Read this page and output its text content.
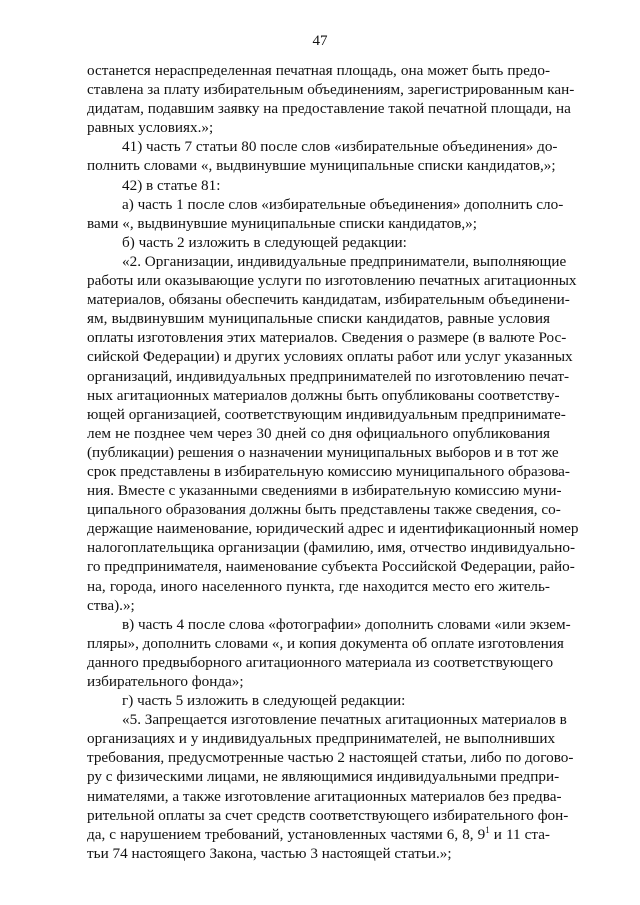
47
останется нераспределенная печатная площадь, она может быть предо-
ставлена за плату избирательным объединениям, зарегистрированным кан-
дидатам, подавшим заявку на предоставление такой печатной площади, на
равных условиях.»;
41) часть 7 статьи 80 после слов «избирательные объединения» до-
полнить словами «, выдвинувшие муниципальные списки кандидатов,»;
42) в статье 81:
а) часть 1 после слов «избирательные объединения» дополнить сло-
вами «, выдвинувшие муниципальные списки кандидатов,»;
б) часть 2 изложить в следующей редакции:
«2. Организации, индивидуальные предприниматели, выполняющие
работы или оказывающие услуги по изготовлению печатных агитационных
материалов, обязаны обеспечить кандидатам, избирательным объединени-
ям, выдвинувшим муниципальные списки кандидатов, равные условия
оплаты изготовления этих материалов. Сведения о размере (в валюте Рос-
сийской Федерации) и других условиях оплаты работ или услуг указанных
организаций, индивидуальных предпринимателей по изготовлению печат-
ных агитационных материалов должны быть опубликованы соответству-
ющей организацией, соответствующим индивидуальным предпринимате-
лем не позднее чем через 30 дней со дня официального опубликования
(публикации) решения о назначении муниципальных выборов и в тот же
срок представлены в избирательную комиссию муниципального образова-
ния. Вместе с указанными сведениями в избирательную комиссию муни-
ципального образования должны быть представлены также сведения, со-
держащие наименование, юридический адрес и идентификационный номер
налогоплательщика организации (фамилию, имя, отчество индивидуально-
го предпринимателя, наименование субъекта Российской Федерации, райо-
на, города, иного населенного пункта, где находится место его житель-
ства).»;
в) часть 4 после слова «фотографии» дополнить словами «или экзем-
пляры», дополнить словами «, и копия документа об оплате изготовления
данного предвыборного агитационного материала из соответствующего
избирательного фонда»;
г) часть 5 изложить в следующей редакции:
«5. Запрещается изготовление печатных агитационных материалов в
организациях и у индивидуальных предпринимателей, не выполнивших
требования, предусмотренные частью 2 настоящей статьи, либо по догово-
ру с физическими лицами, не являющимися индивидуальными предпри-
нимателями, а также изготовление агитационных материалов без предва-
рительной оплаты за счет средств соответствующего избирательного фон-
да, с нарушением требований, установленных частями 6, 8, $9^1$ и 11 ста-
тьи 74 настоящего Закона, частью 3 настоящей статьи.»;
